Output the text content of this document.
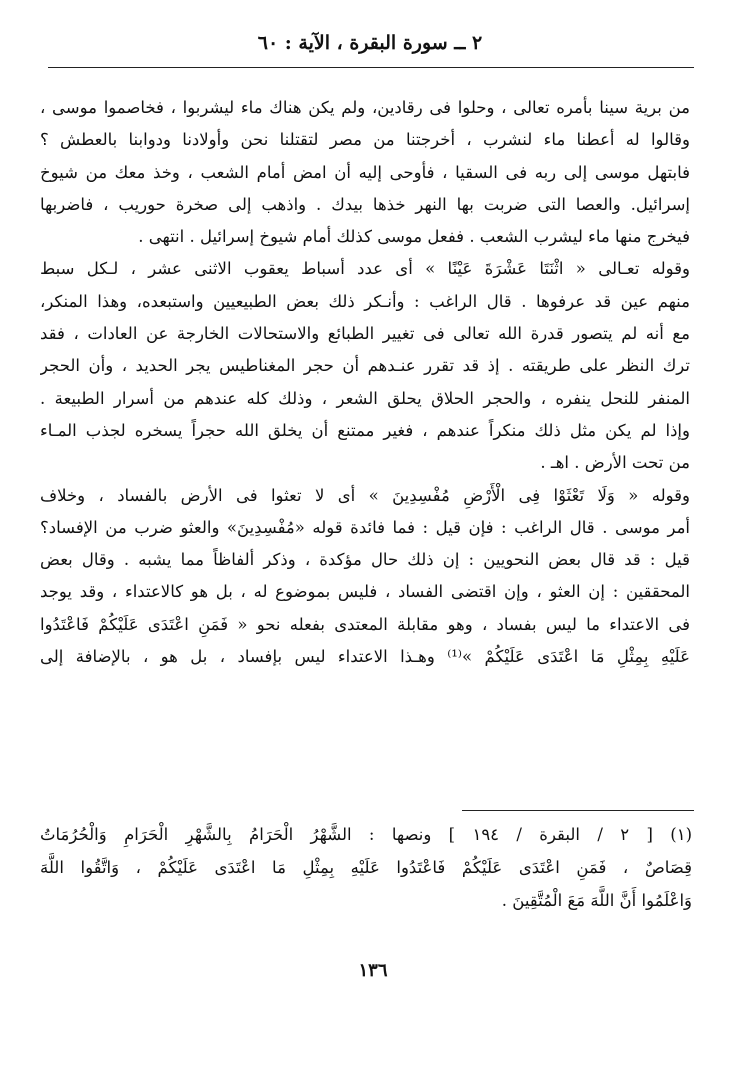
٢ ــ سورة البقرة ، الآية : ٦٠
من برية سينا بأمره تعالى ، وحلوا فى رقادين، ولم يكن هناك ماء ليشربوا ، فخاصموا موسى ،
وقالوا له أعطنا ماء لنشرب ، أخرجتنا من مصر لتقتلنا نحن وأولادنا ودوابنا بالعطش ؟
فابتهل موسى إلى ربه فى السقيا ، فأوحى إليه أن امض أمام الشعب ، وخذ معك من شيوخ
إسرائيل. والعصا التى ضربت بها النهر خذها بيدك . واذهب إلى صخرة حوريب ، فاضربها
فيخرج منها ماء ليشرب الشعب . ففعل موسى كذلك أمام شيوخ إسرائيل . انتهى .
وقوله تعـالى « اثْنَتَا عَشْرَةَ عَيْنًا » أى عدد أسباط يعقوب الاثنى عشر ، لـكل سبط
منهم عين قد عرفوها . قال الراغب : وأنـكر ذلك بعض الطبيعيين واستبعده، وهذا المنكر،
مع أنه لم يتصور قدرة الله تعالى فى تغيير الطبائع والاستحالات الخارجة عن العادات ، فقد
ترك النظر على طريقته . إذ قد تقرر عنـدهم أن حجر المغناطيس يجر الحديد ، وأن الحجر
المنفر للنحل ينفره ، والحجر الحلاق يحلق الشعر ، وذلك كله عندهم من أسرار الطبيعة .
وإذا لم يكن مثل ذلك منكراً عندهم ، فغير ممتنع أن يخلق الله حجراً يسخره لجذب المـاء
من تحت الأرض . اهـ .
وقوله « وَلَا تَعْثَوْا فِى الْأَرْضِ مُفْسِدِينَ » أى لا تعثوا فى الأرض بالفساد ، وخلاف
أمر موسى . قال الراغب : فإن قيل : فما فائدة قوله «مُفْسِدِينَ» والعثو ضرب من الإفساد؟
قيل : قد قال بعض النحويين : إن ذلك حال مؤكدة ، وذكر ألفاظاً مما يشبه . وقال بعض
المحققين : إن العثو ، وإن اقتضى الفساد ، فليس بموضوع له ، بل هو كالاعتداء ، وقد يوجد
فى الاعتداء ما ليس بفساد ، وهو مقابلة المعتدى بفعله نحو « فَمَنِ اعْتَدَى عَلَيْكُمْ فَاعْتَدُوا
عَلَيْهِ بِمِثْلِ مَا اعْتَدَى عَلَيْكُمْ »⁽¹⁾ وهـذا الاعتداء ليس بإفساد ، بل هو ، بالإضافة إلى
(١) [ ٢ / البقرة / ١٩٤ ] ونصها : الشَّهْرُ الْحَرَامُ بِالشَّهْرِ الْحَرَامِ وَالْحُرُمَاتُ
قِصَاصٌ ، فَمَنِ اعْتَدَى عَلَيْكُمْ فَاعْتَدُوا عَلَيْهِ بِمِثْلِ مَا اعْتَدَى عَلَيْكُمْ ، وَاتَّقُوا اللَّهَ
وَاعْلَمُوا أَنَّ اللَّهَ مَعَ الْمُتَّقِينَ .
١٣٦
